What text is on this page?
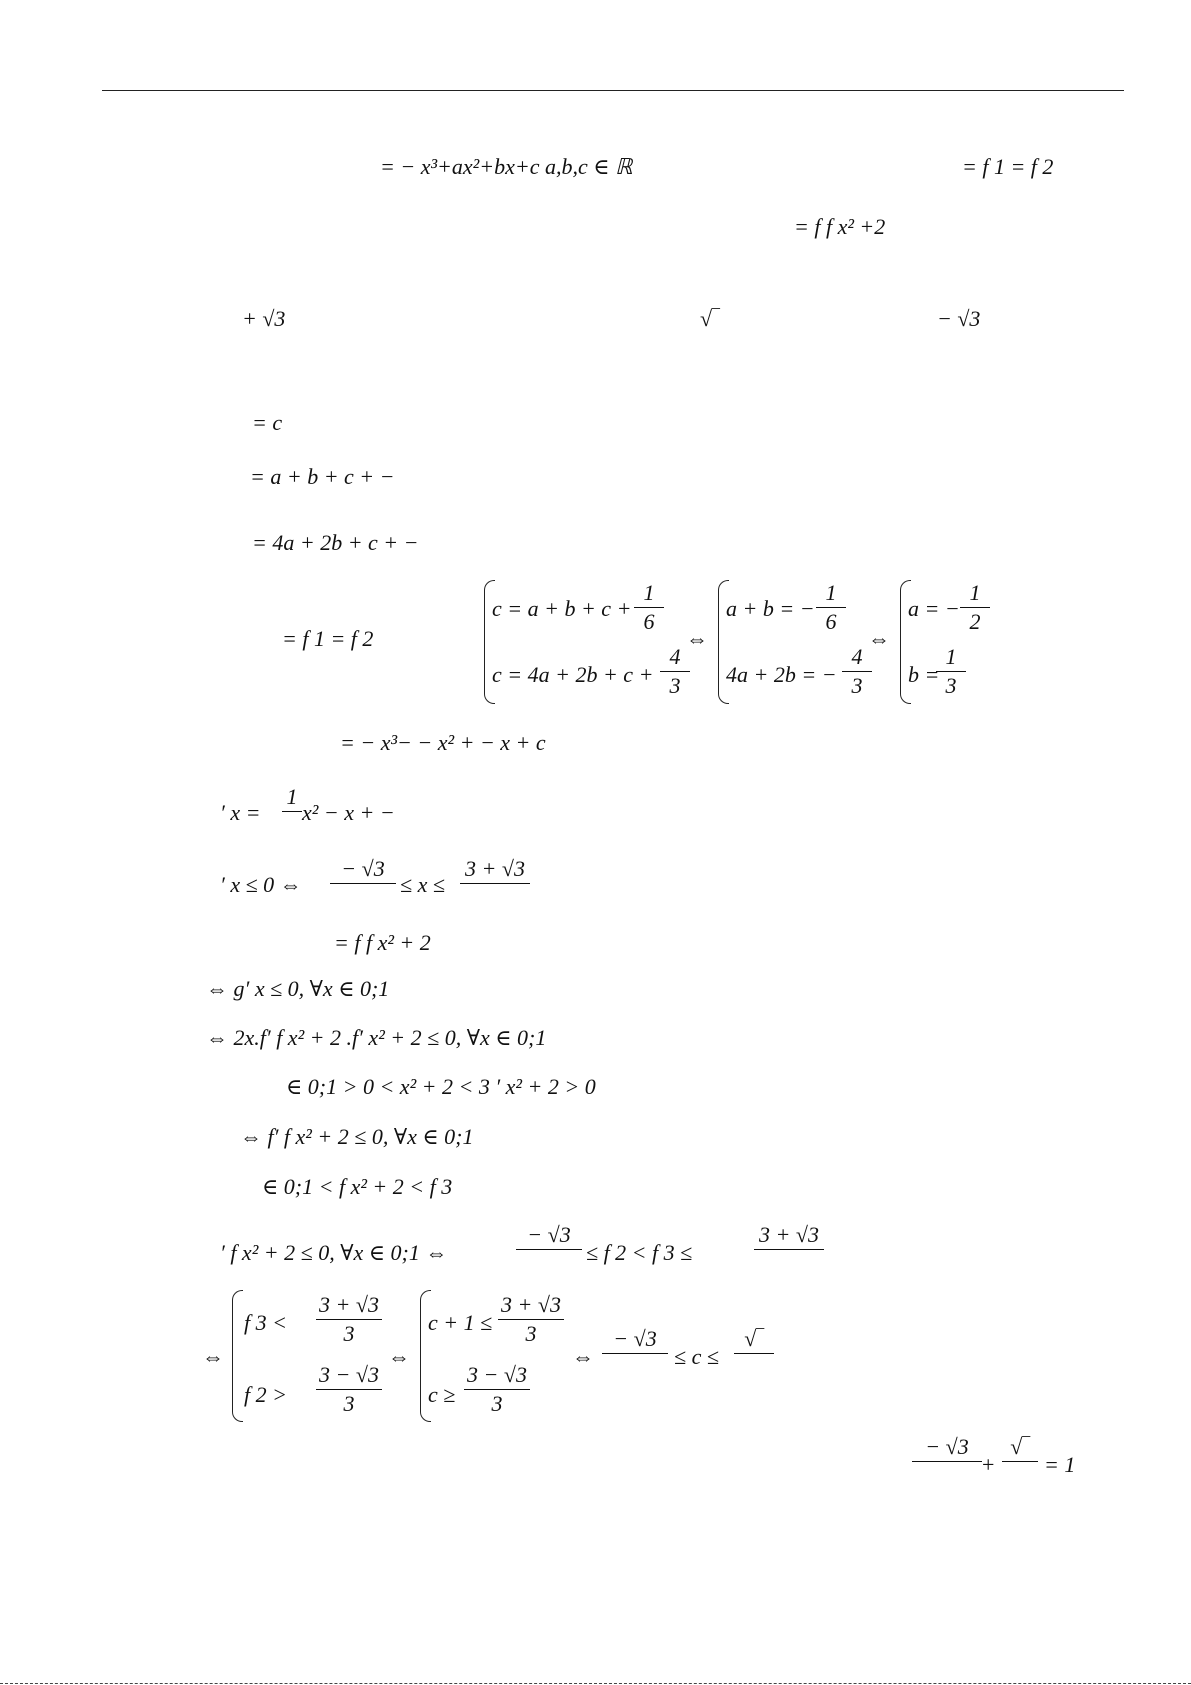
= − x³+ax²+bx+c a,b,c ∈ ℝ	= f 1 = f 2
= f f x² +2
+ √3	√‾	− √3
= c
= a + b + c + −
= 4a + 2b + c + −
= f 1 = f 2
$c = a + b + c + \frac{1}{6}$
$c = 4a + 2b + c + \frac{4}{3}$
⇔
a + b = − $\frac{1}{6}$
4a + 2b = − $\frac{4}{3}$
⇔
a = − $\frac{1}{2}$
b =
$\frac{1}{3}$
= − x³− − x² + − x + c
′ x =
1

x² − x + −
′ x ≤ 0 ⇔
− √3

≤ x ≤
3 + √3

= f f x² + 2
⇔ g′ x ≤ 0, ∀x ∈ 0;1
⇔ 2x.f′ f x² + 2 .f′ x² + 2 ≤ 0, ∀x ∈ 0;1
∈ 0;1 > 0 < x² + 2 < 3 ′ x² + 2 > 0
⇔ f′ f x² + 2 ≤ 0, ∀x ∈ 0;1
∈ 0;1 < f x² + 2 < f 3
′ f x² + 2 ≤ 0, ∀x ∈ 0;1 ⇔
− √3

≤ f 2 < f 3 ≤
3 + √3

⇔
f $3 < \frac{3 + √3}{3}$
f $2 > \frac{3 - √3}{3}$
⇔
$c + 1 \le \frac{3 + √3}{3}$
$c \ge \frac{3 - √3}{3}$
⇔
− √3

≤ c ≤
√‾

− √3

+
√‾

= 1
